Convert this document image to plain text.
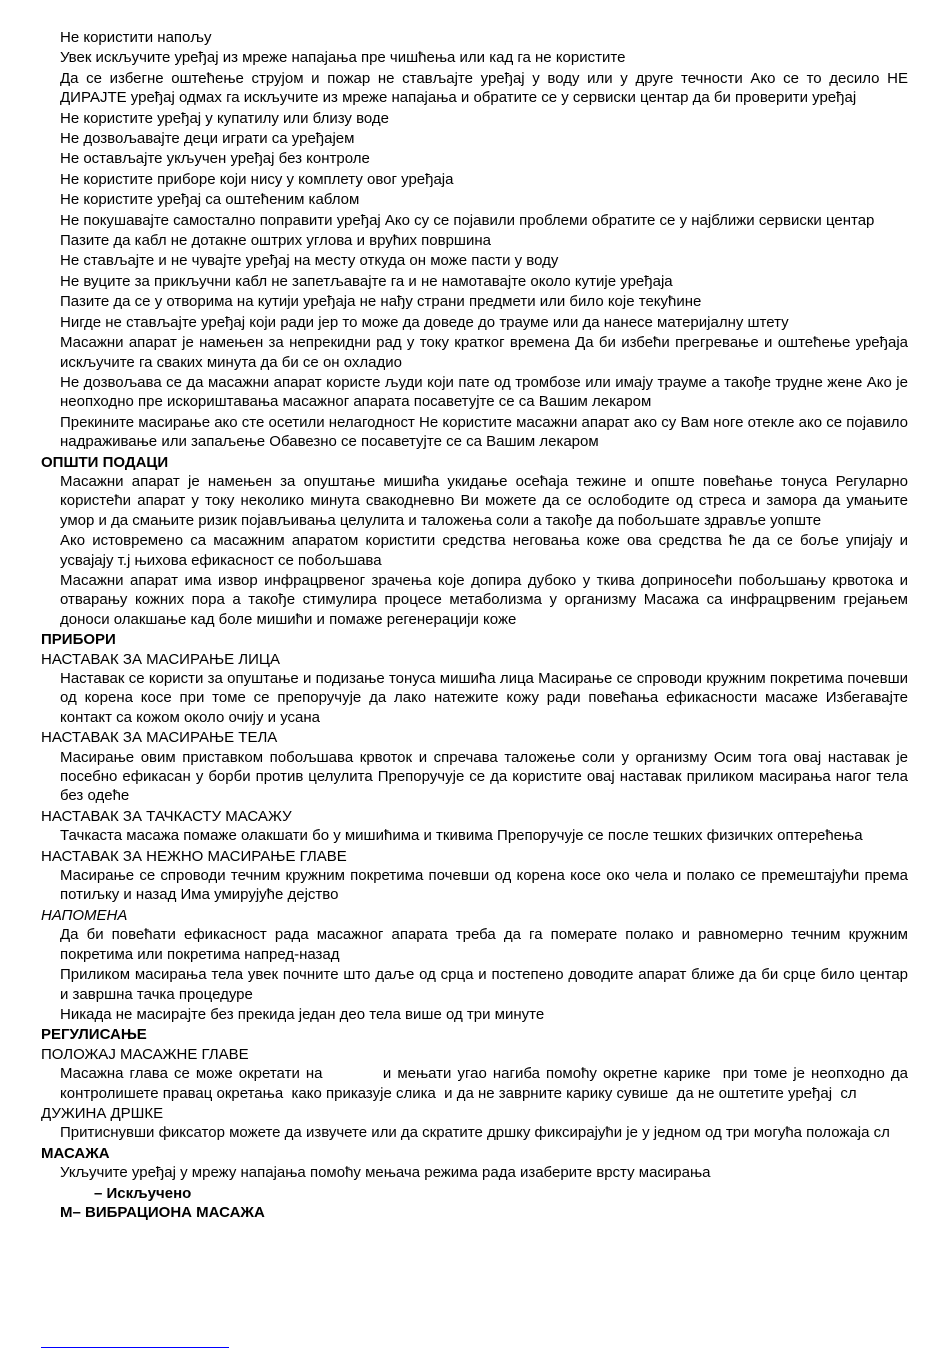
Не користити напољу

Увек искључите уређај из мреже напајања пре чишћења или кад га не користите

Да се избегне оштећење струјом и пожар не стављајте уређај у воду или у друге течности Ако се то десило НЕ ДИРАЈТЕ уређај одмах га искључите из мреже напајања и обратите се у сервиски центар да би проверити уређај

Не користите уређај у купатилу или близу воде

Не дозвољавајте деци играти са уређајем

Не остављајте укључен уређај без контроле

Не користите приборе који нису у комплету овог уређаја

Не користите уређај са оштећеним каблом

Не покушавајте самостално поправити уређај Ако су се појавили проблеми обратите се у најближи сервиски центар

Пазите да кабл не дотакне оштрих углова и врућих површина

Не стављајте и не чувајте уређај на месту откуда он може пасти у воду

Не вуците за прикључни кабл не запетљавајте га и не намотавајте около кутије уређаја

Пазите да се у отворима на кутији уређаја не нађу страни предмети или било које текућине

Нигде не стављајте уређај који ради јер то може да доведе до трауме или да нанесе материјалну штету

Масажни апарат је намењен за непрекидни рад у току кратког времена Да би избећи прегревање и оштећење уређаја искључите га сваких минута да би се он охладио

Не дозвољава се да масажни апарат користе људи који пате од тромбозе или имају трауме а такође трудне жене Ако је неопходно пре искориштавања масажног апарата посаветујте се са Вашим лекаром

Прекините масирање ако сте осетили нелагодност Не користите масажни апарат ако су Вам ноге отекле ако се појавило надраживање или запаљење Обавезно се посаветујте се са Вашим лекаром

ОПШТИ ПОДАЦИ

Масажни апарат је намењен за опуштање мишића укидање осећаја тежине и опште повећање тонуса Регуларно користећи апарат у току неколико минута свакодневно Ви можете да се ослободите од стреса и замора да умањите умор и да смањите ризик појављивања целулита и таложења соли а такође да побољшате здравље уопште

Ако истовремено са масажним апаратом користити средства неговања коже ова средства ће да се боље упијају и усвајају т.ј њихова ефикасност се побољшава

Масажни апарат има извор инфрацрвеног зрачења које допира дубоко у ткива доприносећи побољшању крвотока и отварању кожних пора а такође стимулира процесе метаболизма у организму Масажа са инфрацрвеним грејањем доноси олакшање кад боле мишићи и помаже регенерацији коже

ПРИБОРИ

НАСТАВАК ЗА МАСИРАЊЕ ЛИЦА

Наставак се користи за опуштање и подизање тонуса мишића лица Масирање се спроводи кружним покретима почевши од корена косе при томе се препоручује да лако натежите кожу ради повећања ефикасности масаже Избегавајте контакт са кожом около очију и усана

НАСТАВАК ЗА МАСИРАЊЕ ТЕЛА

Масирање овим приставком побољшава крвоток и спречава таложење соли у организму Осим тога овај наставак је посебно ефикасан у борби против целулита Препоручује се да користите овај наставак приликом масирања нагог тела без одеће

НАСТАВАК ЗА ТАЧКАСТУ МАСАЖУ

Тачкаста масажа помаже олакшати бо у мишићима и ткивима Препоручује се после тешких физичких оптерећења

НАСТАВАК ЗА НЕЖНО МАСИРАЊЕ ГЛАВЕ

Масирање се спроводи течним кружним покретима почевши од корена косе око чела и полако се премештајући према потиљку и назад Има умирујуће дејство

НАПОМЕНА

Да би повећати ефикасност рада масажног апарата треба да га померате полако и равномерно течним кружним покретима или покретима напред-назад

Приликом масирања тела увек почните што даље од срца и постепено доводите апарат ближе да би срце било центар и завршна тачка процедуре

Никада не масирајте без прекида један део тела више од три минуте

РЕГУЛИСАЊЕ

ПОЛОЖАЈ МАСАЖНЕ ГЛАВЕ

Масажна глава се може окретати на          и мењати угао нагиба помоћу окретне карике  при томе је неопходно да контролишете правац окретања  како приказује слика  и да не заврните карику сувише  да не оштетите уређај  сл

ДУЖИНА ДРШКЕ

Притиснувши фиксатор можете да извучете или да скратите дршку фиксирајући је у једном од три могућа положаја сл

МАСАЖА

Укључите уређај у мрежу напајања помоћу мењача режима рада изаберите врсту масирања

– Искључено

М– ВИБРАЦИОНА МАСАЖА
